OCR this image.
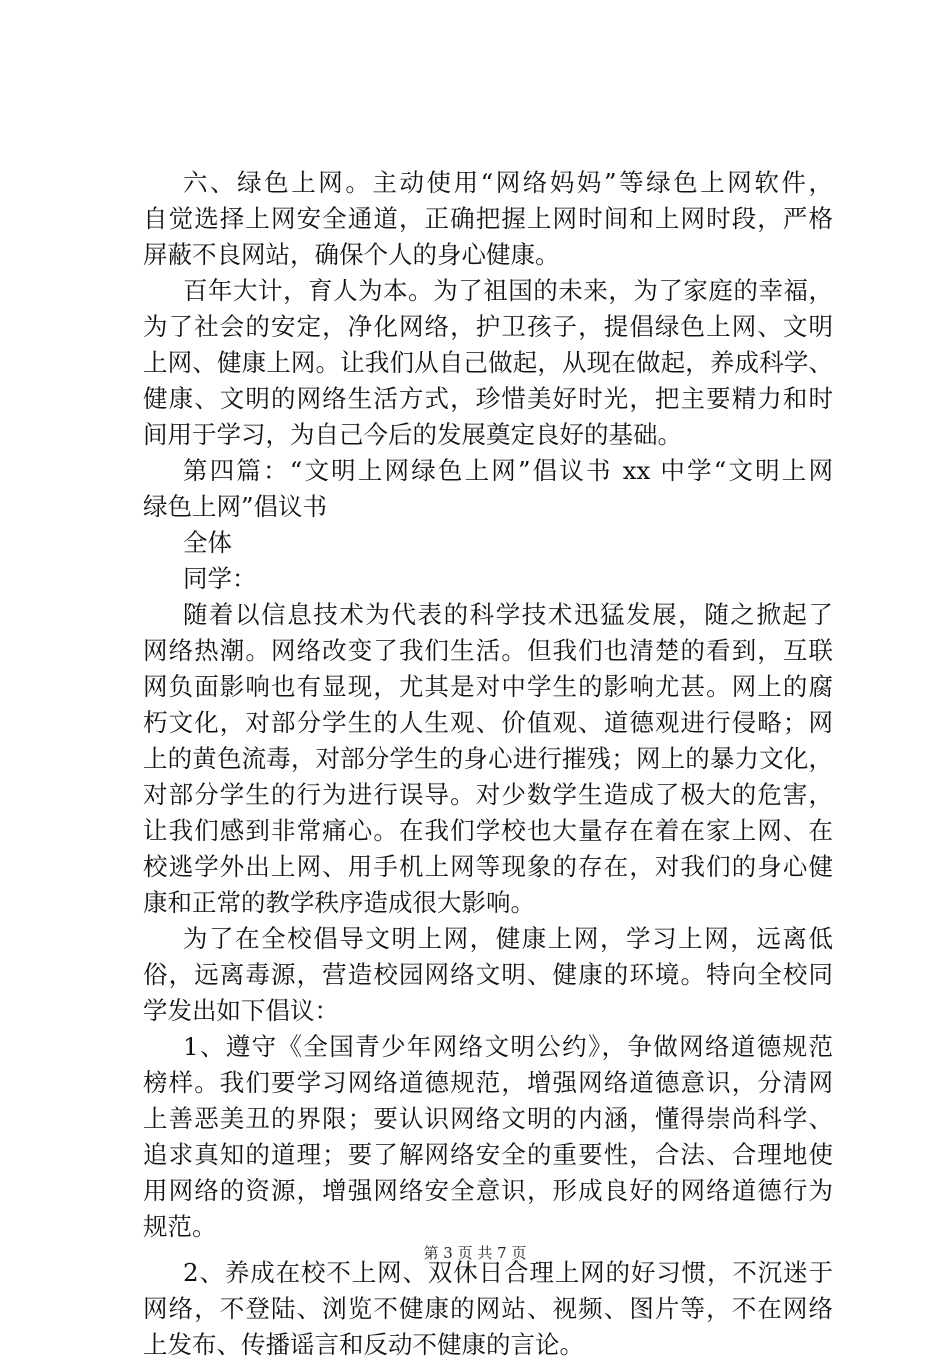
六、绿色上网。主动使用“网络妈妈”等绿色上网软件，
自觉选择上网安全通道，正确把握上网时间和上网时段，严格
屏蔽不良网站，确保个人的身心健康。
百年大计，育人为本。为了祖国的未来，为了家庭的幸福，
为了社会的安定，净化网络，护卫孩子，提倡绿色上网、文明
上网、健康上网。让我们从自己做起，从现在做起，养成科学、
健康、文明的网络生活方式，珍惜美好时光，把主要精力和时
间用于学习，为自己今后的发展奠定良好的基础。
第四篇：“文明上网绿色上网”倡议书 xx 中学“文明上网
绿色上网”倡议书
全体
同学：
随着以信息技术为代表的科学技术迅猛发展，随之掀起了
网络热潮。网络改变了我们生活。但我们也清楚的看到，互联
网负面影响也有显现，尤其是对中学生的影响尤甚。网上的腐
朽文化，对部分学生的人生观、价值观、道德观进行侵略；网
上的黄色流毒，对部分学生的身心进行摧残；网上的暴力文化，
对部分学生的行为进行误导。对少数学生造成了极大的危害，
让我们感到非常痛心。在我们学校也大量存在着在家上网、在
校逃学外出上网、用手机上网等现象的存在，对我们的身心健
康和正常的教学秩序造成很大影响。
为了在全校倡导文明上网，健康上网，学习上网，远离低
俗，远离毒源，营造校园网络文明、健康的环境。特向全校同
学发出如下倡议：
1、遵守《全国青少年网络文明公约》，争做网络道德规范
榜样。我们要学习网络道德规范，增强网络道德意识，分清网
上善恶美丑的界限；要认识网络文明的内涵，懂得崇尚科学、
追求真知的道理；要了解网络安全的重要性，合法、合理地使
用网络的资源，增强网络安全意识，形成良好的网络道德行为
规范。
2、养成在校不上网、双休日合理上网的好习惯，不沉迷于
网络，不登陆、浏览不健康的网站、视频、图片等，不在网络
上发布、传播谣言和反动不健康的言论。
第 3 页 共 7 页
